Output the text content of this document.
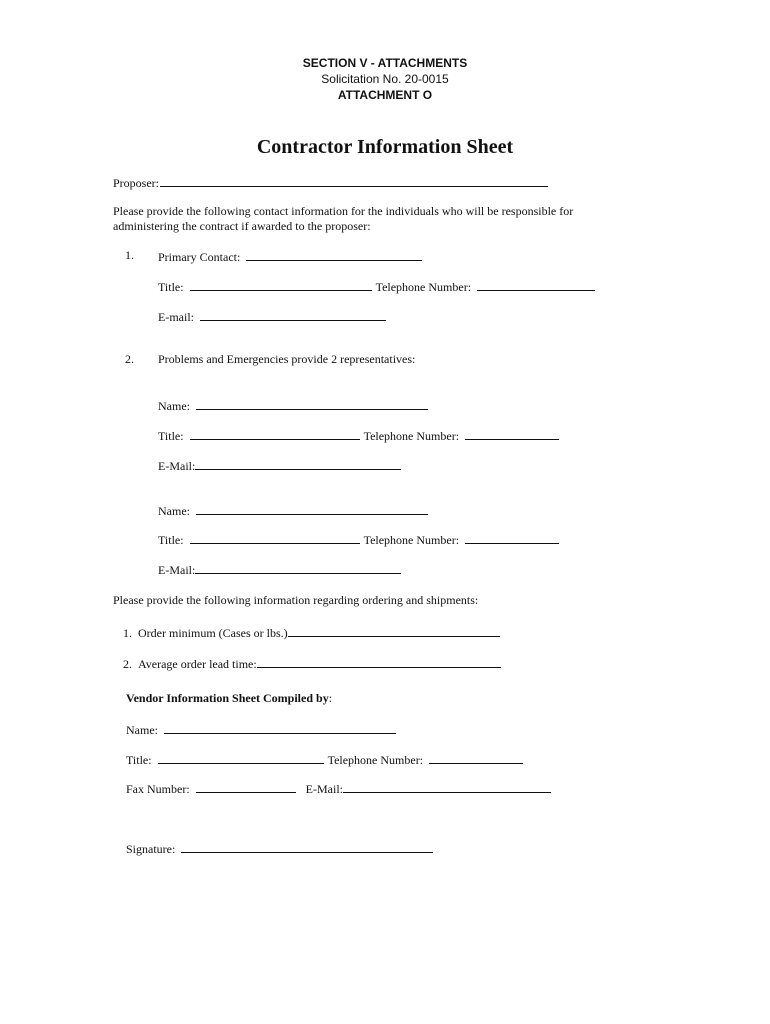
SECTION V - ATTACHMENTS
Solicitation No. 20-0015
ATTACHMENT O
Contractor Information Sheet
Proposer:
Please provide the following contact information for the individuals who will be responsible for
administering the contract if awarded to the proposer:
1. Primary Contact:
Title:	Telephone Number:
E-mail:
2. Problems and Emergencies provide 2 representatives:
Name:
Title:	Telephone Number:
E-Mail:
Name:
Title:	Telephone Number:
E-Mail:
Please provide the following information regarding ordering and shipments:
1. Order minimum (Cases or lbs.)
2. Average order lead time:
Vendor Information Sheet Compiled by :
Name:
Title:	Telephone Number:
Fax Number:	E-Mail:
Signature:
